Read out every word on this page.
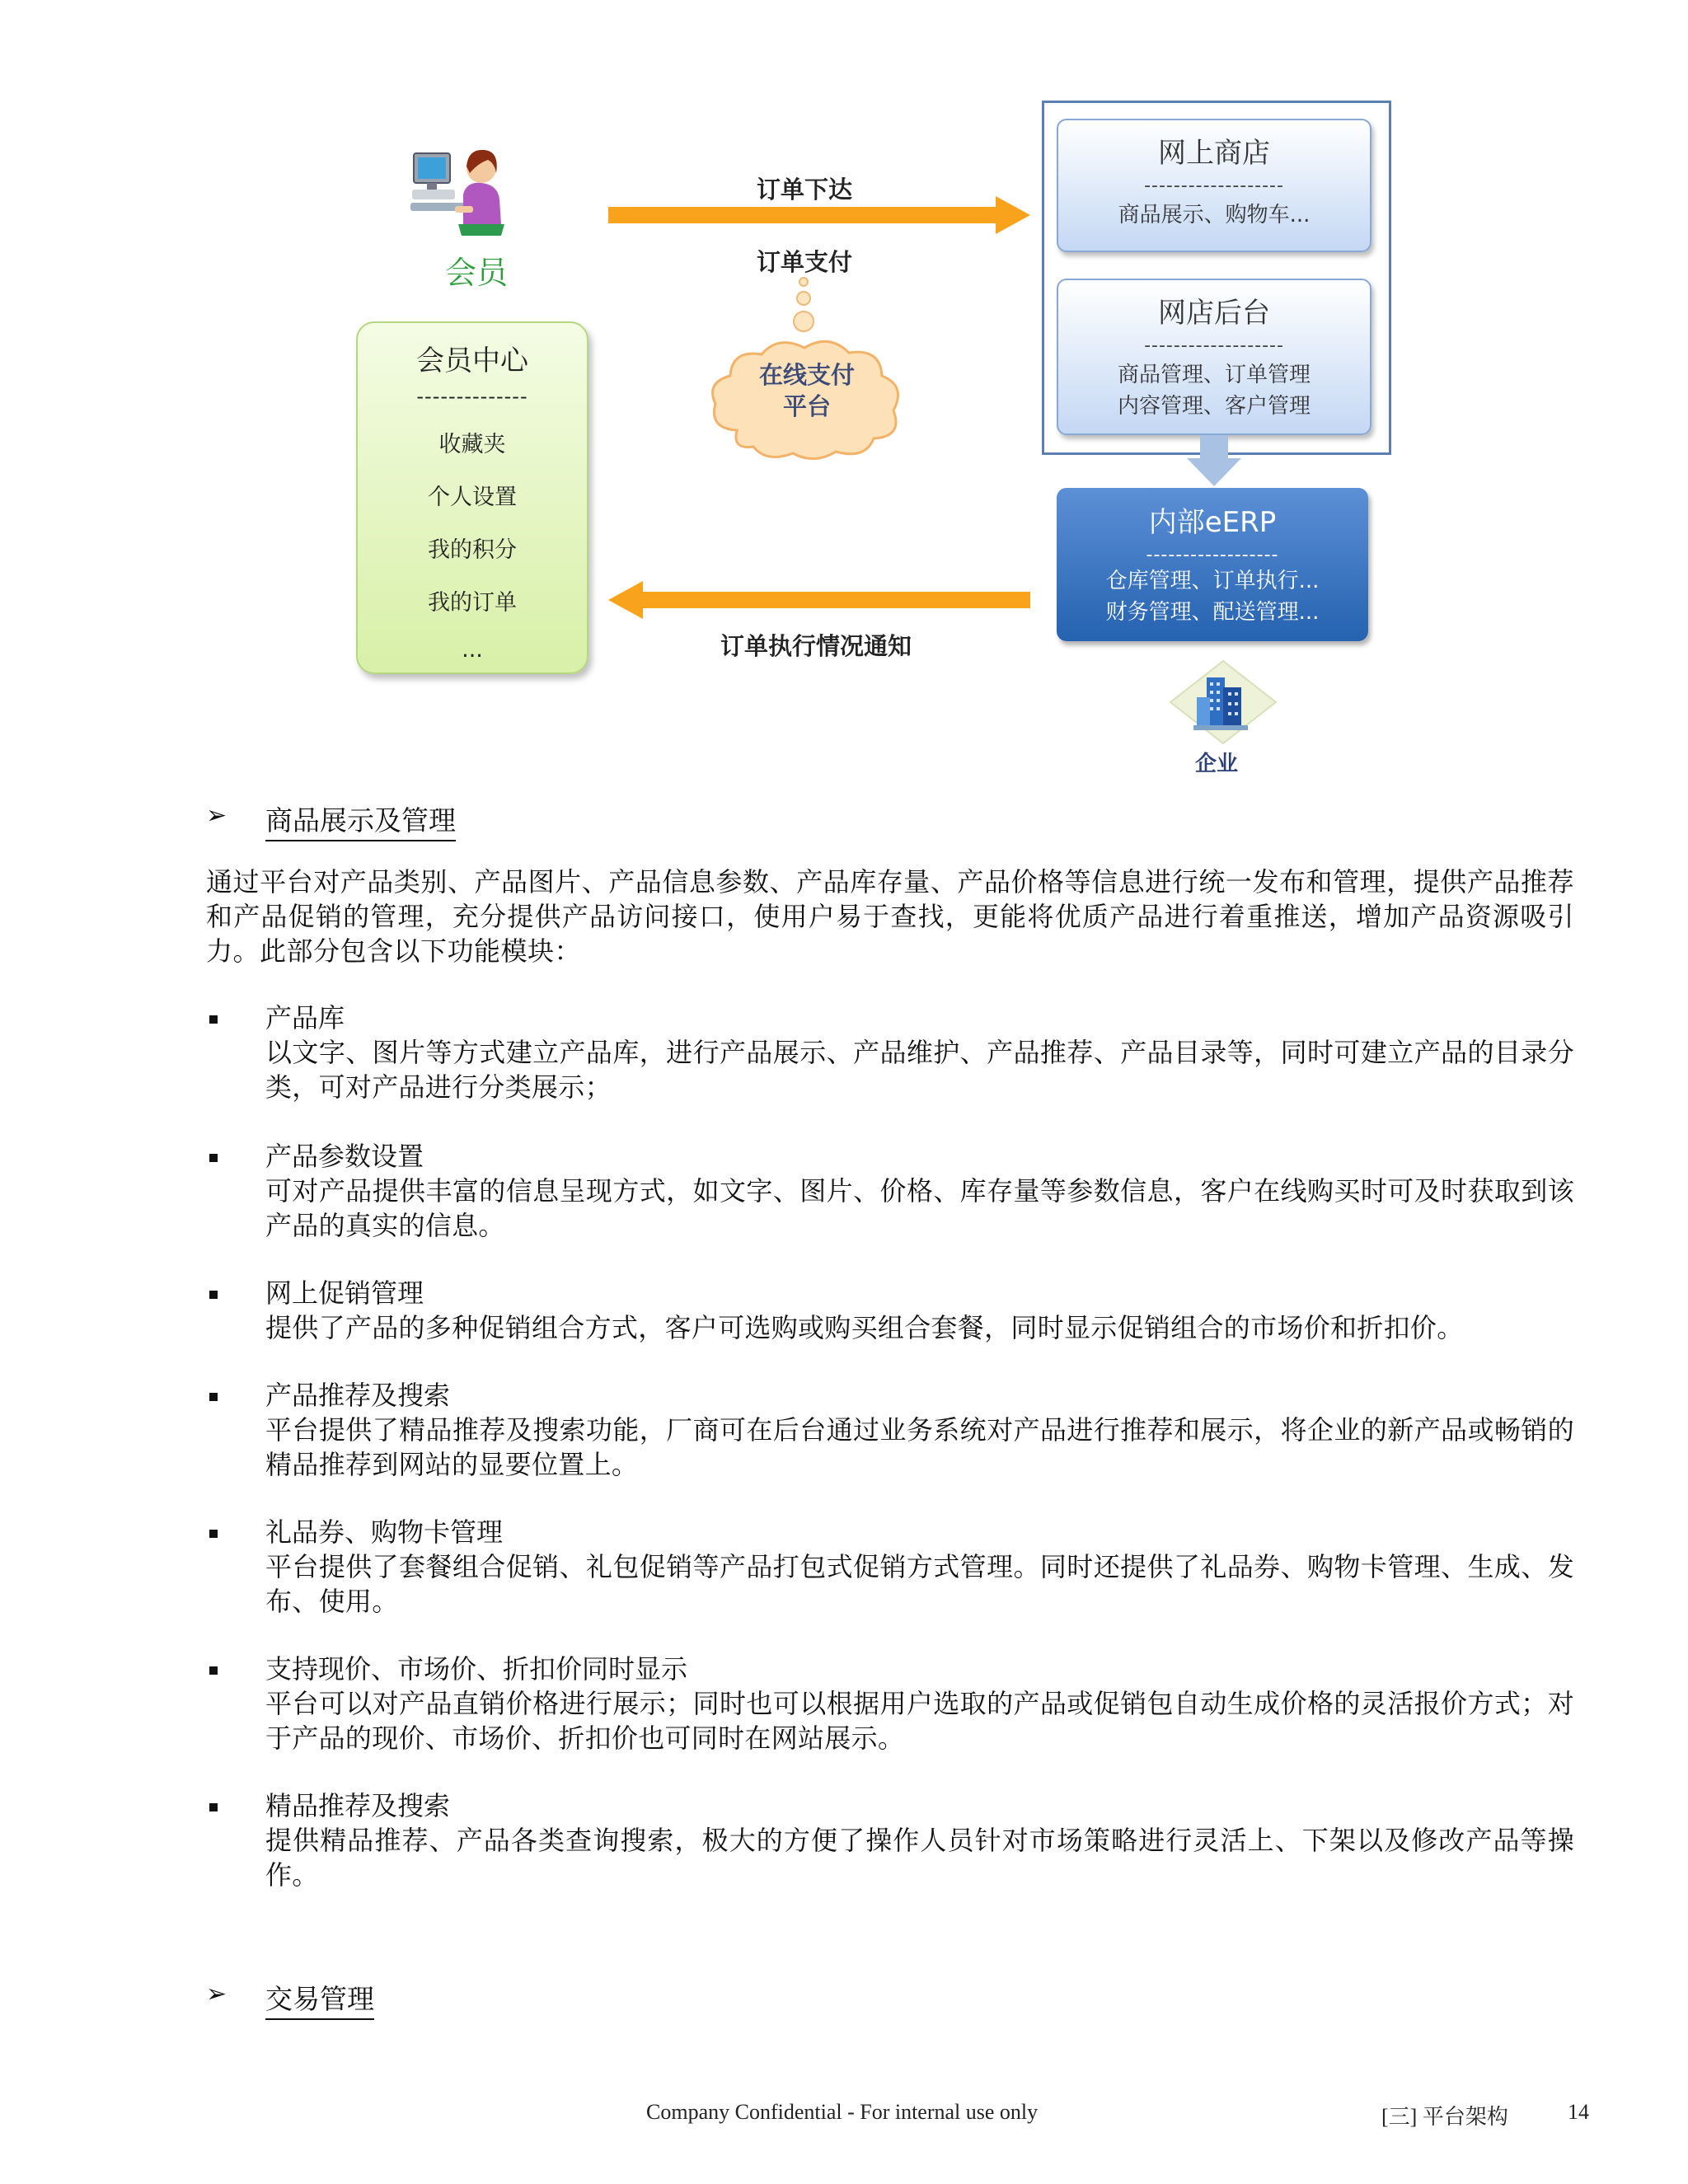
会员
会员中心
--------------
收藏夹
个人设置
我的积分
我的订单
...
订单下达
订单支付
在线支付
平台
网上商店
-------------------
商品展示、购物车...
网店后台
-------------------
商品管理、订单管理
内容管理、客户管理
内部eERP
------------------
仓库管理、订单执行...
财务管理、配送管理...
订单执行情况通知
企业
➢ 商品展示及管理
通过平台对产品类别、产品图片、产品信息参数、产品库存量、产品价格等信息进行统一发布和管理，提供产品推荐和产品促销的管理，充分提供产品访问接口，使用户易于查找，更能将优质产品进行着重推送，增加产品资源吸引力。此部分包含以下功能模块：
产品库
以文字、图片等方式建立产品库，进行产品展示、产品维护、产品推荐、产品目录等，同时可建立产品的目录分类，可对产品进行分类展示；
产品参数设置
可对产品提供丰富的信息呈现方式，如文字、图片、价格、库存量等参数信息，客户在线购买时可及时获取到该产品的真实的信息。
网上促销管理
提供了产品的多种促销组合方式，客户可选购或购买组合套餐，同时显示促销组合的市场价和折扣价。
产品推荐及搜索
平台提供了精品推荐及搜索功能，厂商可在后台通过业务系统对产品进行推荐和展示，将企业的新产品或畅销的精品推荐到网站的显要位置上。
礼品券、购物卡管理
平台提供了套餐组合促销、礼包促销等产品打包式促销方式管理。同时还提供了礼品券、购物卡管理、生成、发布、使用。
支持现价、市场价、折扣价同时显示
平台可以对产品直销价格进行展示；同时也可以根据用户选取的产品或促销包自动生成价格的灵活报价方式；对于产品的现价、市场价、折扣价也可同时在网站展示。
精品推荐及搜索
提供精品推荐、产品各类查询搜索，极大的方便了操作人员针对市场策略进行灵活上、下架以及修改产品等操作。
➢ 交易管理
Company Confidential - For internal use only	[三] 平台架构	14
